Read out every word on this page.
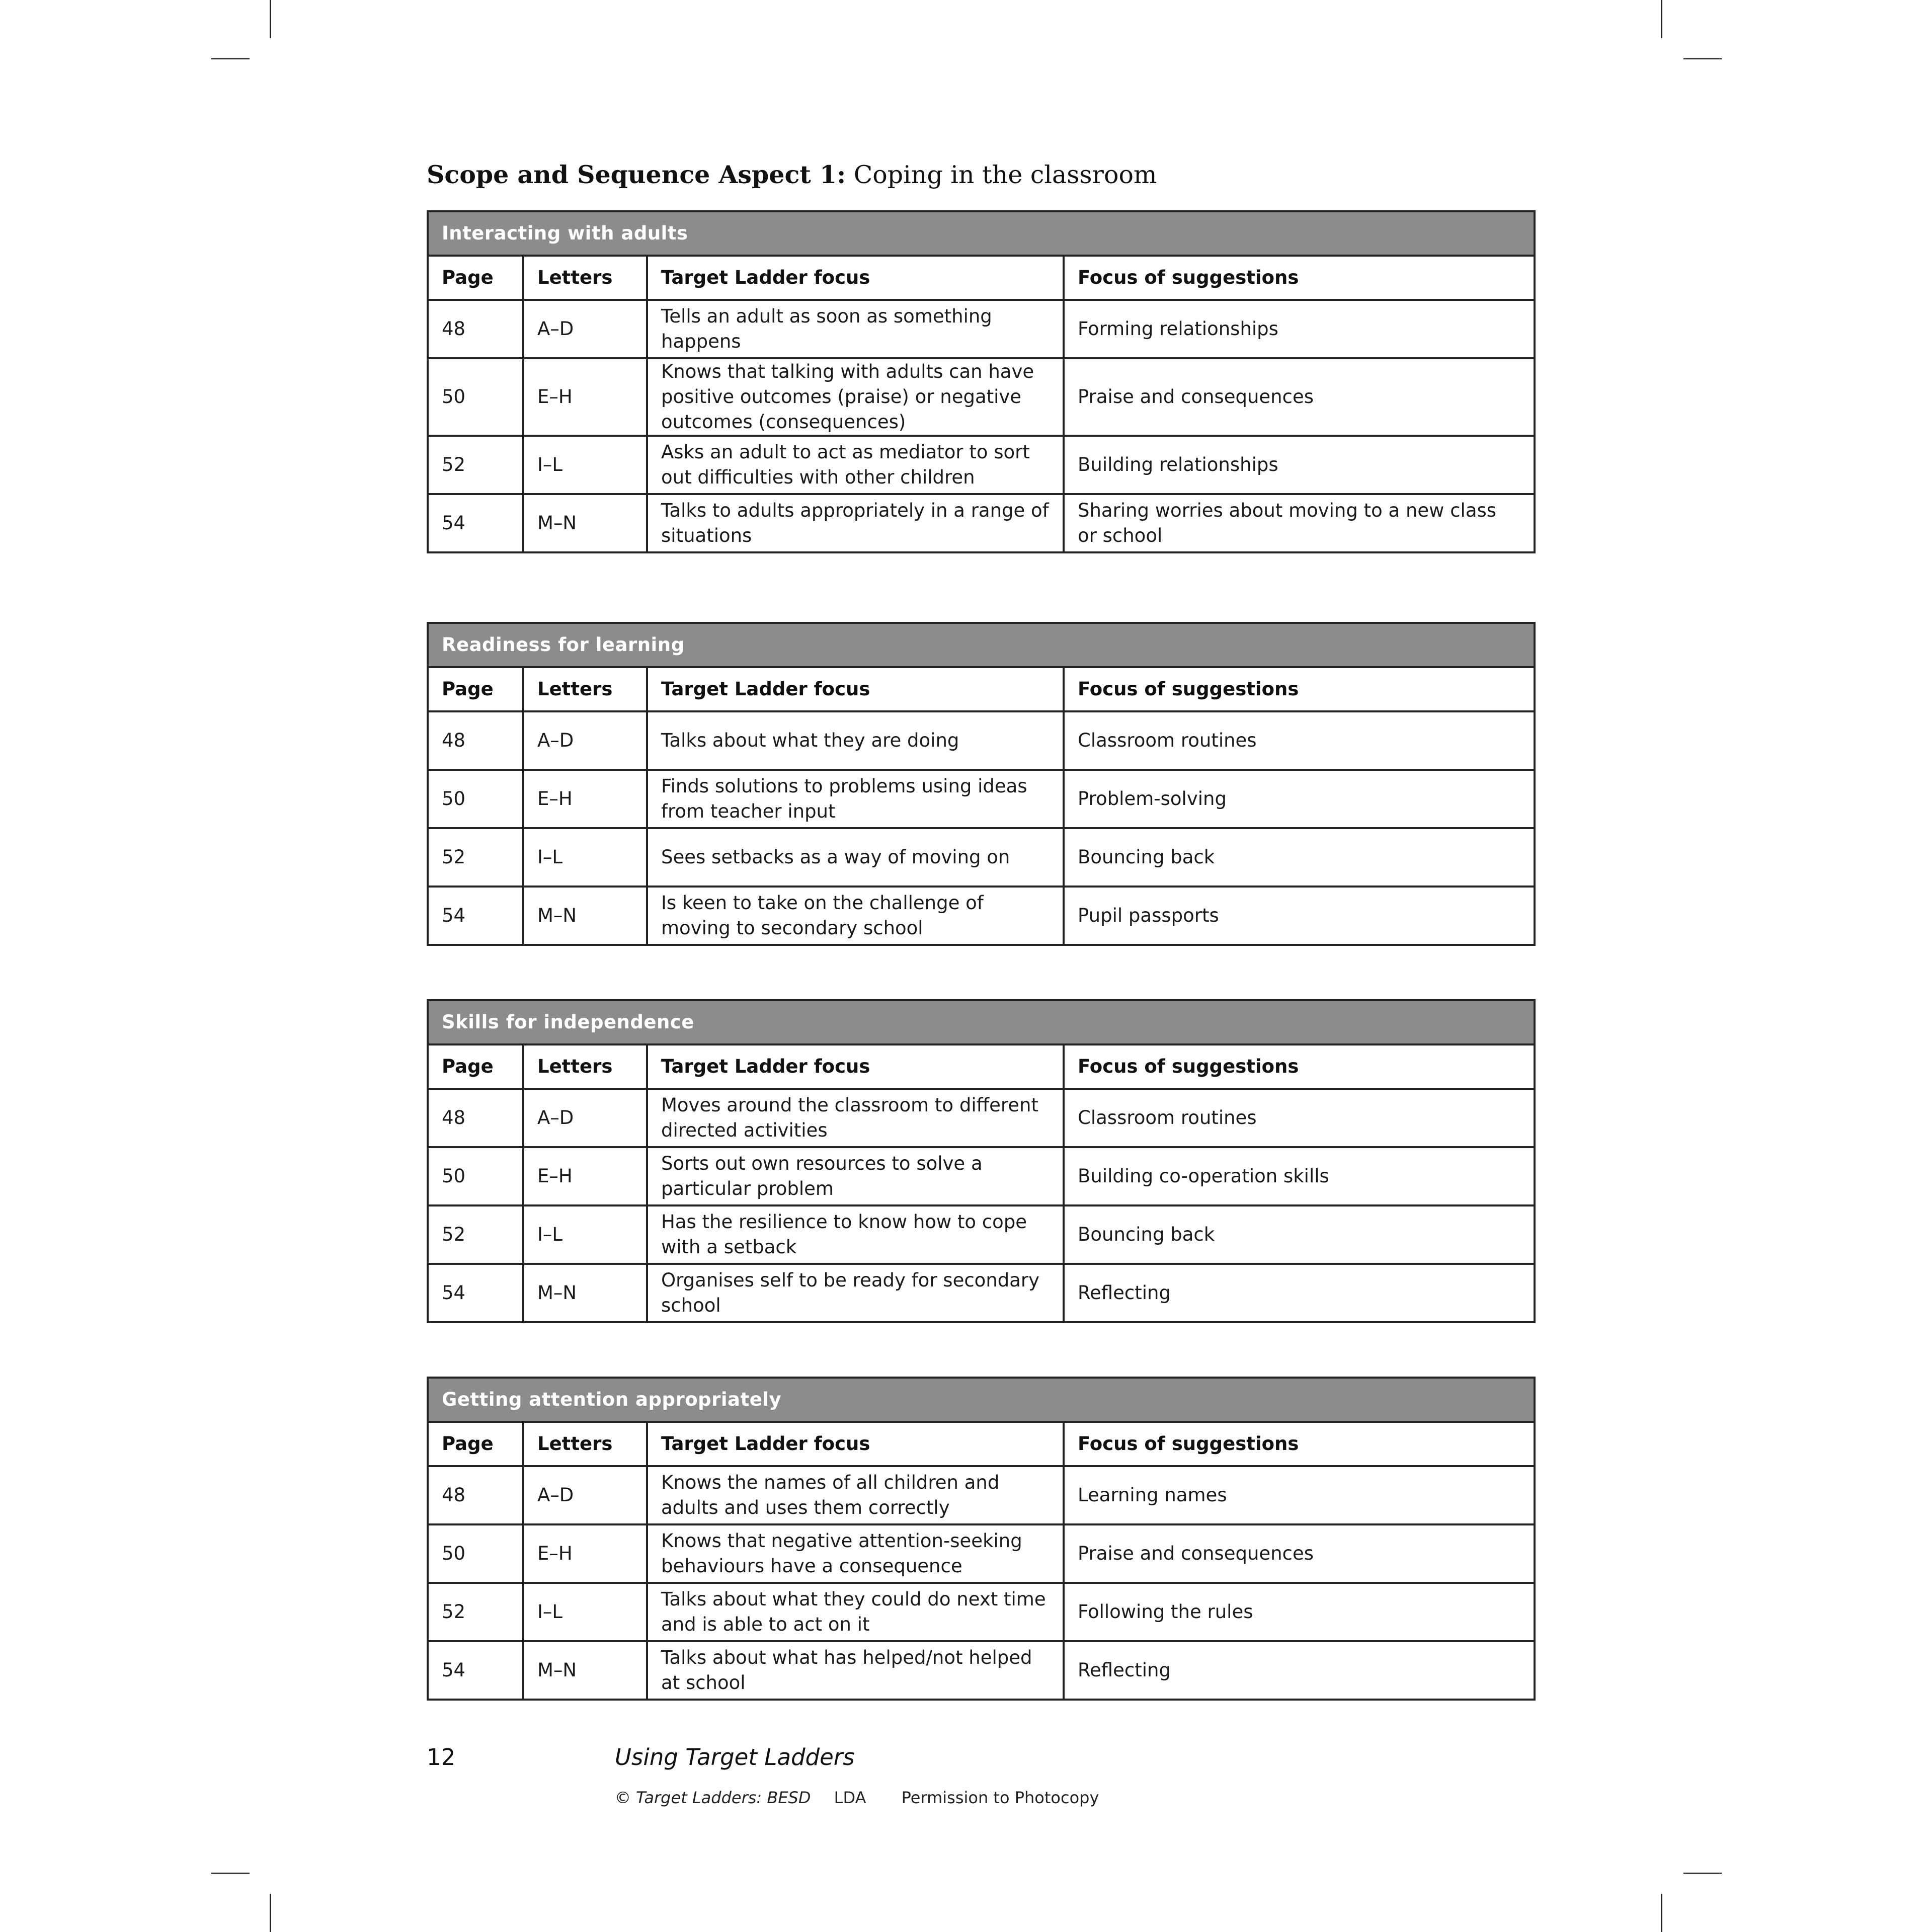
Scope and Sequence Aspect 1: Coping in the classroom
Interacting with adults			
Page	Letters	Target Ladder focus	Focus of suggestions
48	A–D	Tells an adult as soon as something happens	Forming relationships
50	E–H	Knows that talking with adults can have positive outcomes (praise) or negative outcomes (consequences)	Praise and consequences
52	I–L	Asks an adult to act as mediator to sort out difficulties with other children	Building relationships
54	M–N	Talks to adults appropriately in a range of situations	Sharing worries about moving to a new class or school
Readiness for learning			
Page	Letters	Target Ladder focus	Focus of suggestions
48	A–D	Talks about what they are doing	Classroom routines
50	E–H	Finds solutions to problems using ideas from teacher input	Problem-solving
52	I–L	Sees setbacks as a way of moving on	Bouncing back
54	M–N	Is keen to take on the challenge of moving to secondary school	Pupil passports
Skills for independence			
Page	Letters	Target Ladder focus	Focus of suggestions
48	A–D	Moves around the classroom to different directed activities	Classroom routines
50	E–H	Sorts out own resources to solve a particular problem	Building co-operation skills
52	I–L	Has the resilience to know how to cope with a setback	Bouncing back
54	M–N	Organises self to be ready for secondary school	Reflecting
Getting attention appropriately			
Page	Letters	Target Ladder focus	Focus of suggestions
48	A–D	Knows the names of all children and adults and uses them correctly	Learning names
50	E–H	Knows that negative attention-seeking behaviours have a consequence	Praise and consequences
52	I–L	Talks about what they could do next time and is able to act on it	Following the rules
54	M–N	Talks about what has helped/not helped at school	Reflecting
12	Using Target Ladders
© Target Ladders: BESD LDA Permission to Photocopy
